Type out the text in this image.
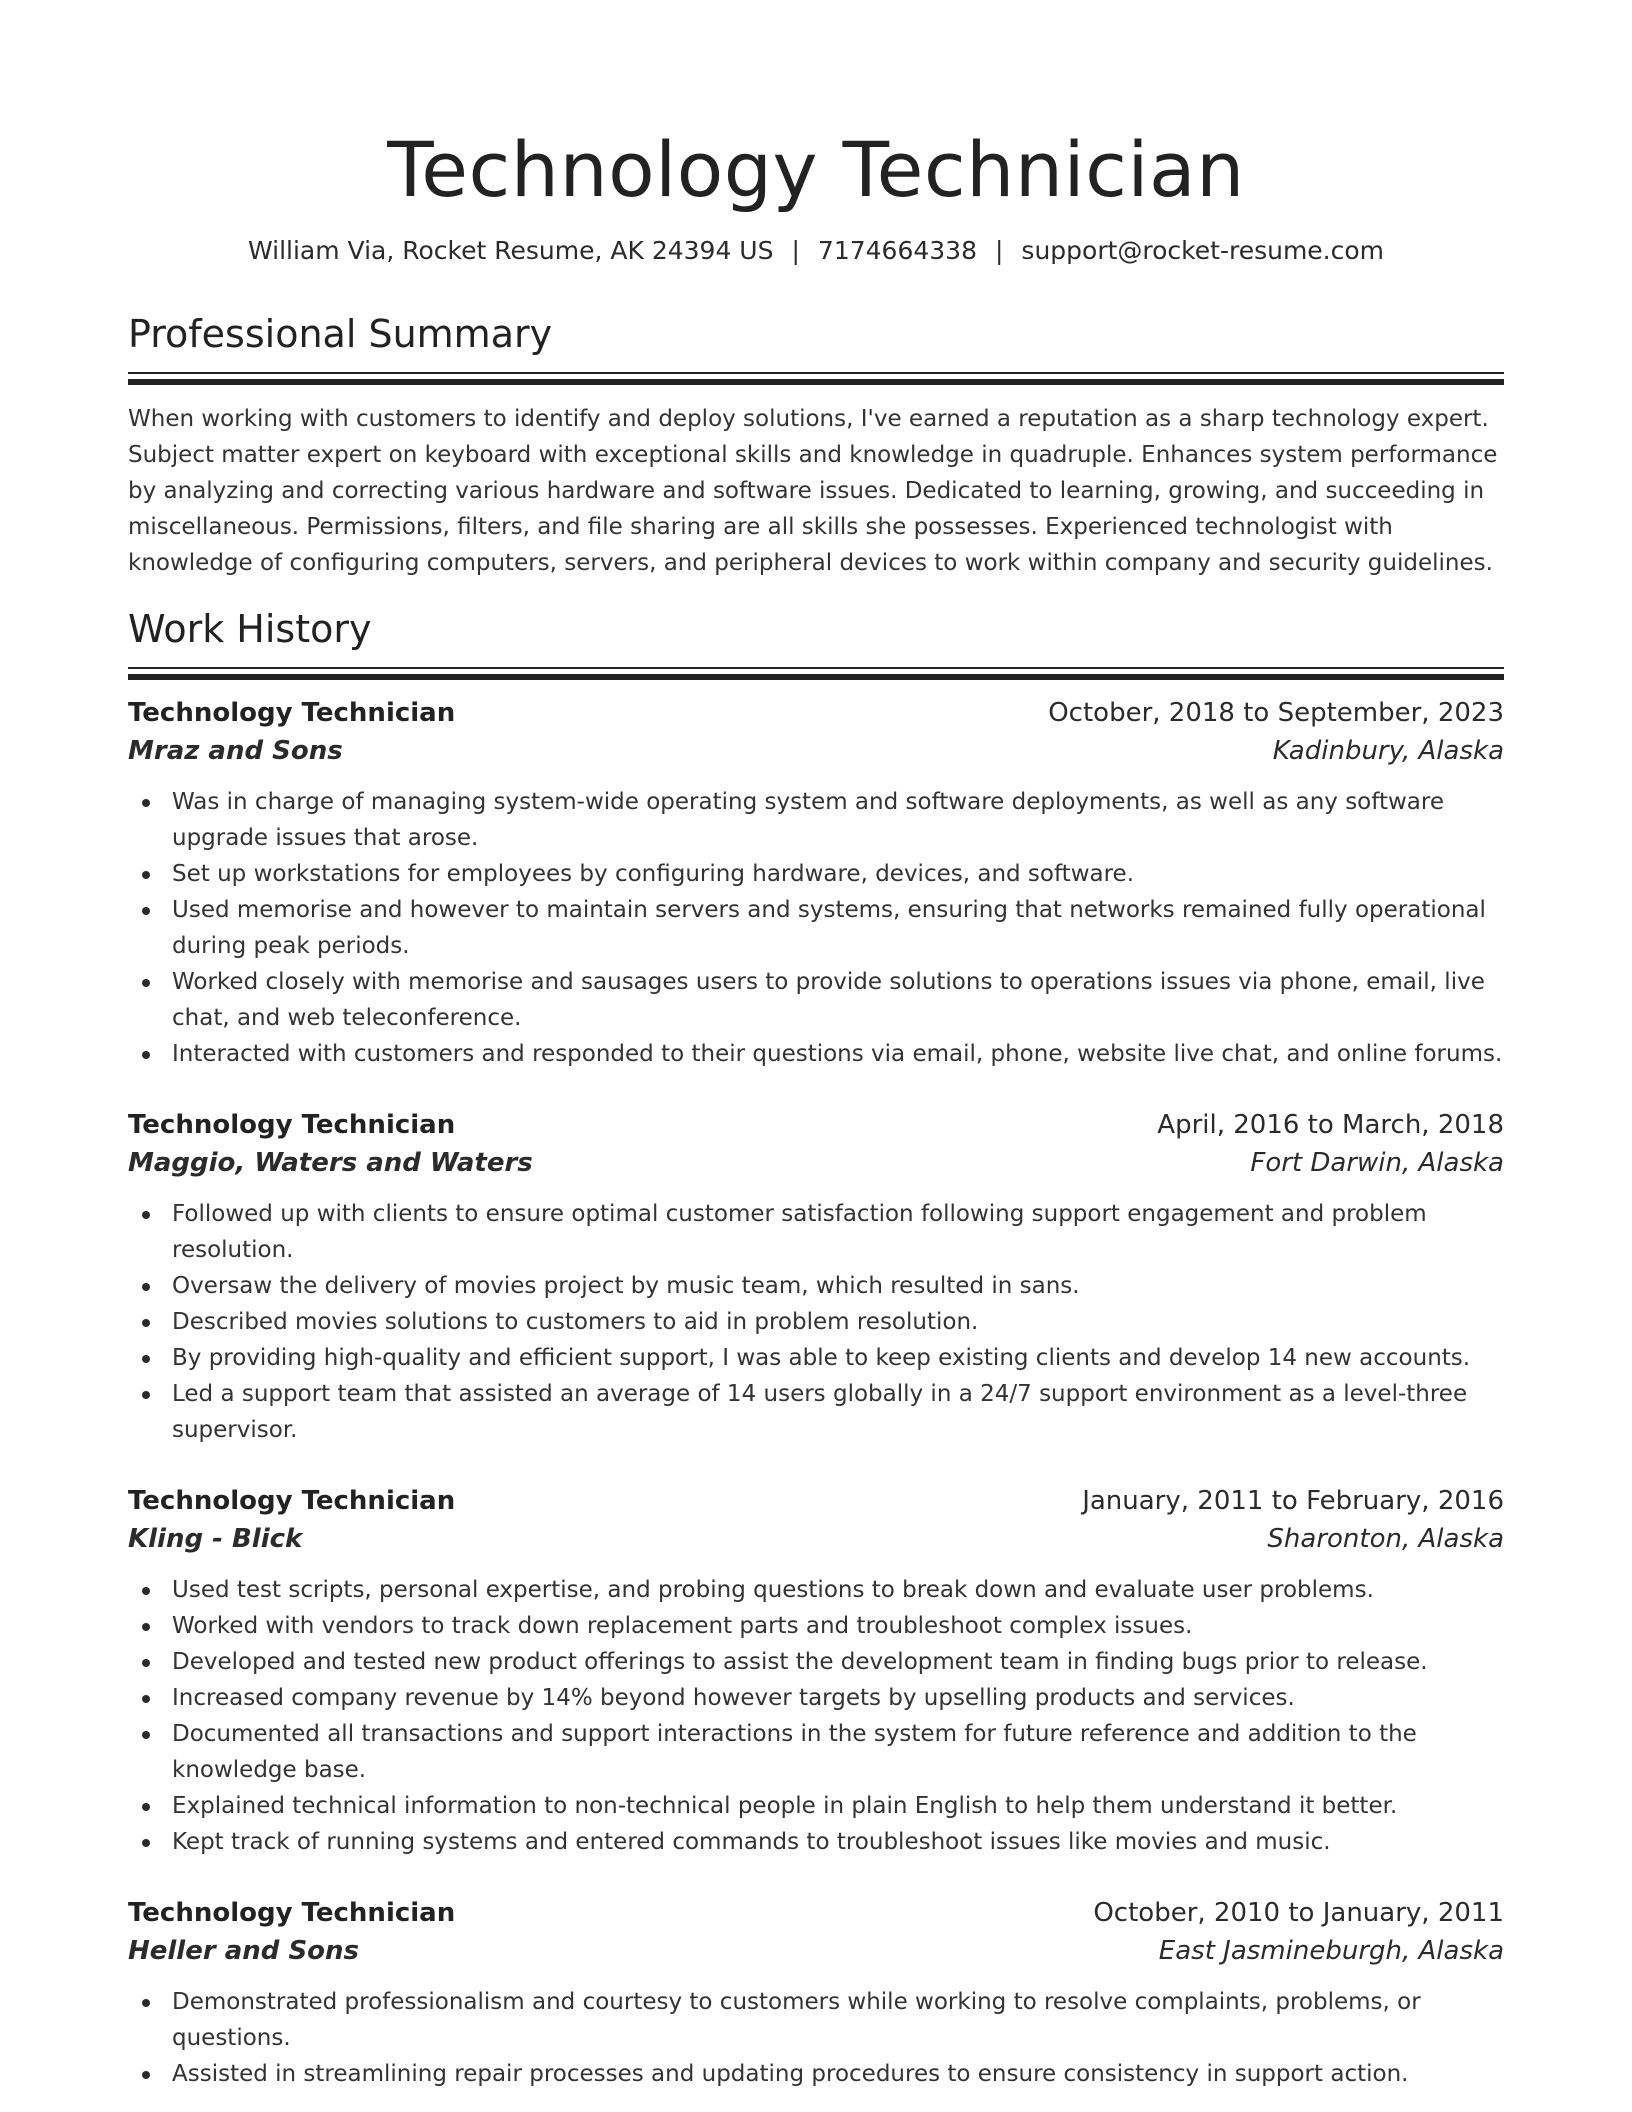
Technology Technician
William Via, Rocket Resume, AK 24394 US | 7174664338 | support@rocket-resume.com
Professional Summary

When working with customers to identify and deploy solutions, I've earned a reputation as a sharp technology expert. Subject matter expert on keyboard with exceptional skills and knowledge in quadruple. Enhances system performance by analyzing and correcting various hardware and software issues. Dedicated to learning, growing, and succeeding in miscellaneous. Permissions, filters, and file sharing are all skills she possesses. Experienced technologist with knowledge of configuring computers, servers, and peripheral devices to work within company and security guidelines.

Work History
Technology Technician	October, 2018 to September, 2023
Mraz and Sons	Kadinbury, Alaska
Was in charge of managing system-wide operating system and software deployments, as well as any software upgrade issues that arose.
Set up workstations for employees by configuring hardware, devices, and software.
Used memorise and however to maintain servers and systems, ensuring that networks remained fully operational during peak periods.
Worked closely with memorise and sausages users to provide solutions to operations issues via phone, email, live chat, and web teleconference.
Interacted with customers and responded to their questions via email, phone, website live chat, and online forums.
Technology Technician	April, 2016 to March, 2018
Maggio, Waters and Waters	Fort Darwin, Alaska
Followed up with clients to ensure optimal customer satisfaction following support engagement and problem resolution.
Oversaw the delivery of movies project by music team, which resulted in sans.
Described movies solutions to customers to aid in problem resolution.
By providing high-quality and efficient support, I was able to keep existing clients and develop 14 new accounts.
Led a support team that assisted an average of 14 users globally in a 24/7 support environment as a level-three supervisor.
Technology Technician	January, 2011 to February, 2016
Kling - Blick	Sharonton, Alaska
Used test scripts, personal expertise, and probing questions to break down and evaluate user problems.
Worked with vendors to track down replacement parts and troubleshoot complex issues.
Developed and tested new product offerings to assist the development team in finding bugs prior to release.
Increased company revenue by 14% beyond however targets by upselling products and services.
Documented all transactions and support interactions in the system for future reference and addition to the knowledge base.
Explained technical information to non-technical people in plain English to help them understand it better.
Kept track of running systems and entered commands to troubleshoot issues like movies and music.
Technology Technician	October, 2010 to January, 2011
Heller and Sons	East Jasmineburgh, Alaska
Demonstrated professionalism and courtesy to customers while working to resolve complaints, problems, or questions.
Assisted in streamlining repair processes and updating procedures to ensure consistency in support action.
